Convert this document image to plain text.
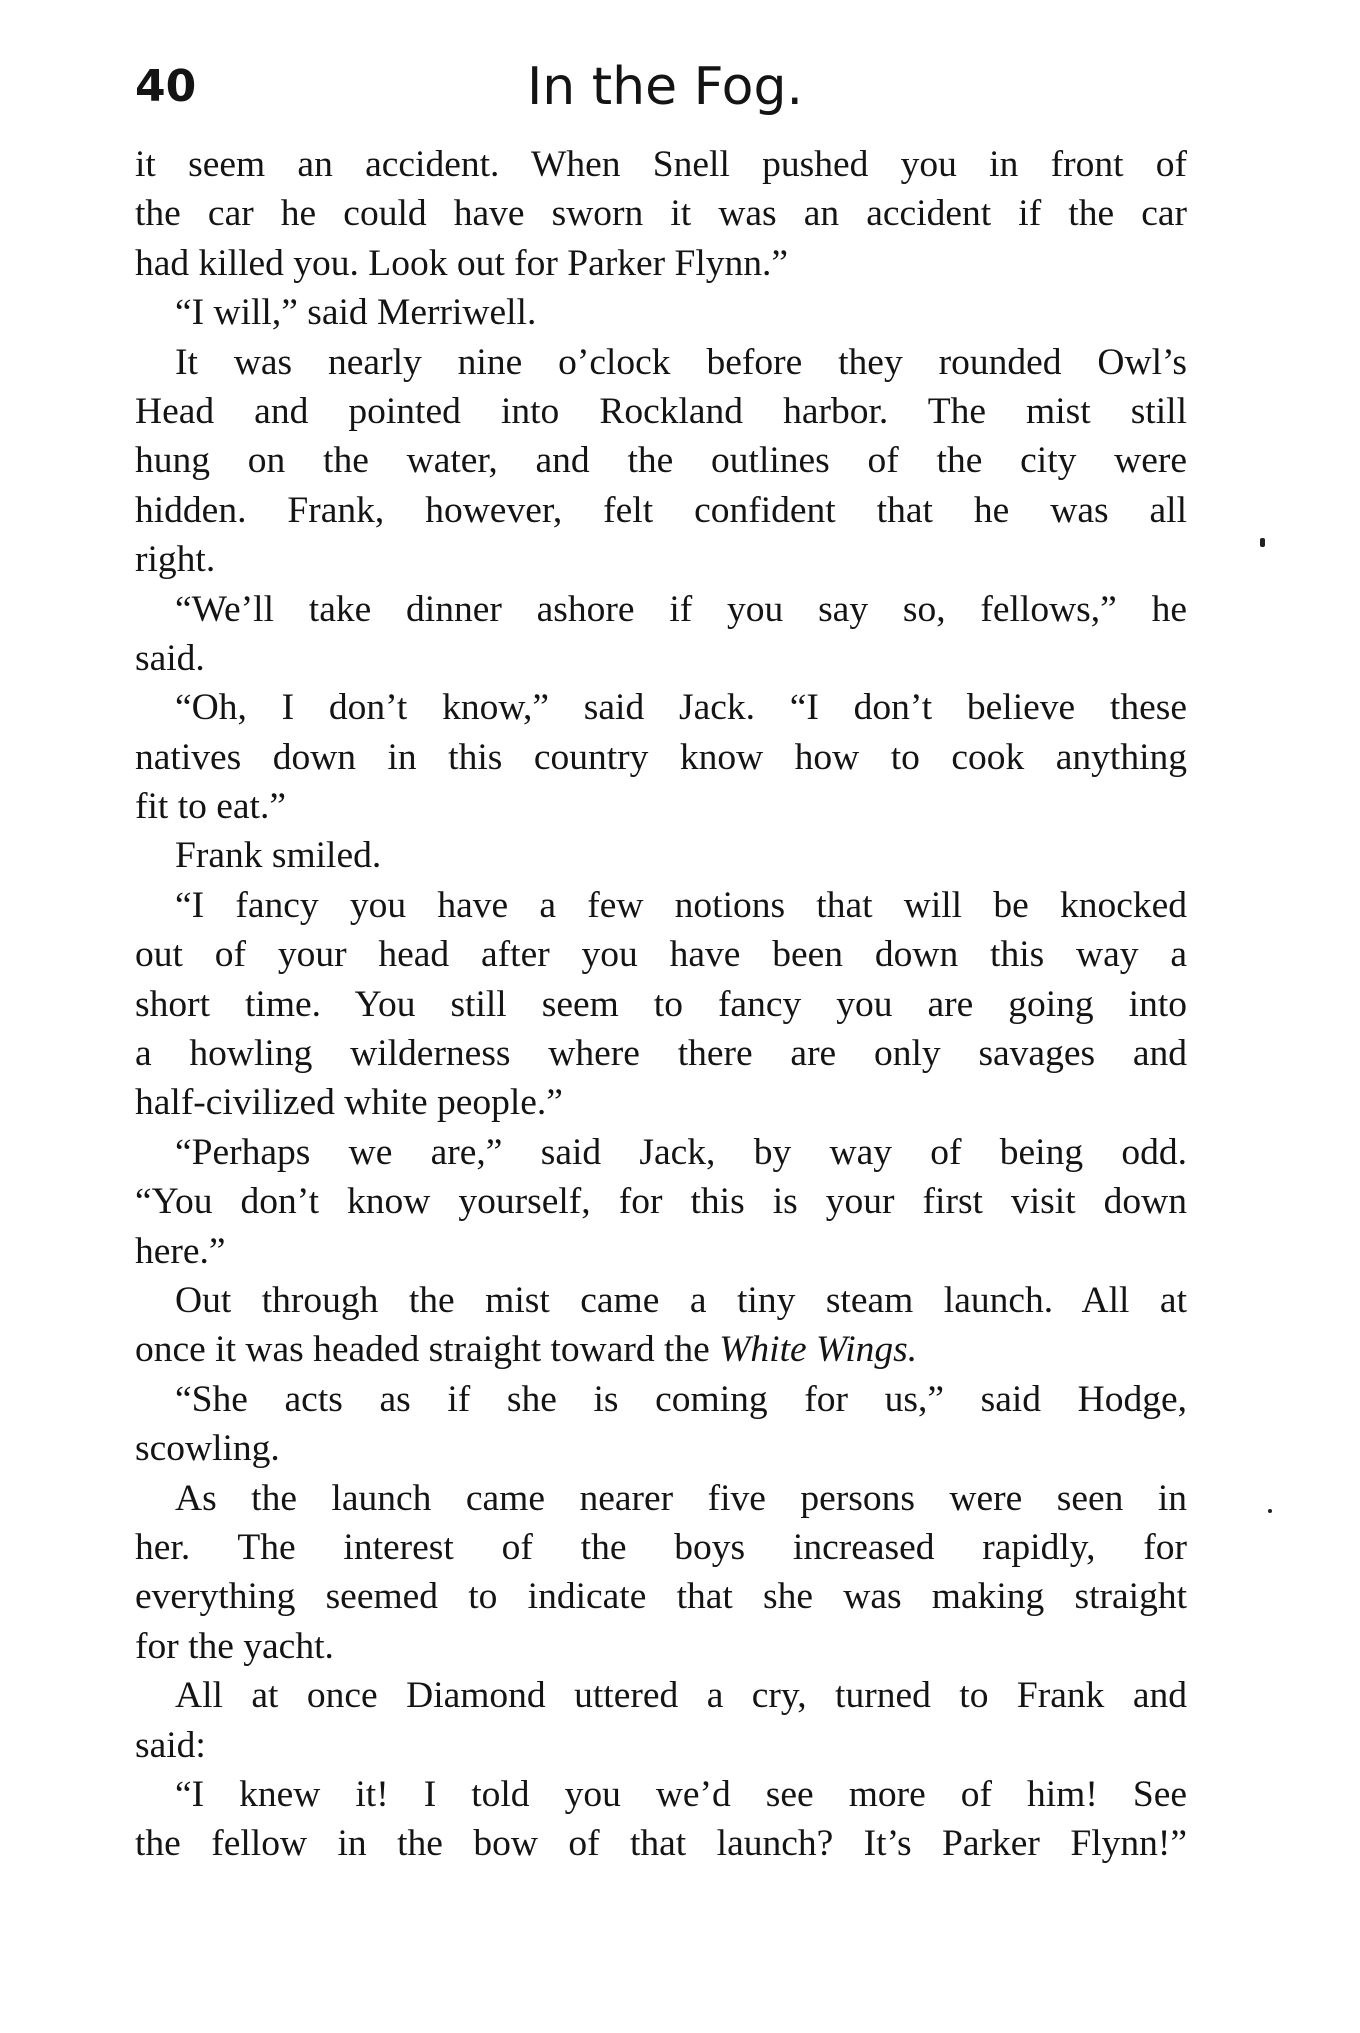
40	In the Fog.
it seem an accident. When Snell pushed you in front of
the car he could have sworn it was an accident if the car
had killed you. Look out for Parker Flynn.”
“I will,” said Merriwell.
It was nearly nine o’clock before they rounded Owl’s
Head and pointed into Rockland harbor. The mist still
hung on the water, and the outlines of the city were
hidden. Frank, however, felt confident that he was all
right.
“We’ll take dinner ashore if you say so, fellows,” he
said.
“Oh, I don’t know,” said Jack. “I don’t believe these
natives down in this country know how to cook anything
fit to eat.”
Frank smiled.
“I fancy you have a few notions that will be knocked
out of your head after you have been down this way a
short time. You still seem to fancy you are going into
a howling wilderness where there are only savages and
half-civilized white people.”
“Perhaps we are,” said Jack, by way of being odd.
“You don’t know yourself, for this is your first visit down
here.”
Out through the mist came a tiny steam launch. All at
once it was headed straight toward the White Wings.
“She acts as if she is coming for us,” said Hodge,
scowling.
As the launch came nearer five persons were seen in
her. The interest of the boys increased rapidly, for
everything seemed to indicate that she was making straight
for the yacht.
All at once Diamond uttered a cry, turned to Frank and
said:
“I knew it! I told you we’d see more of him! See
the fellow in the bow of that launch? It’s Parker Flynn!”
